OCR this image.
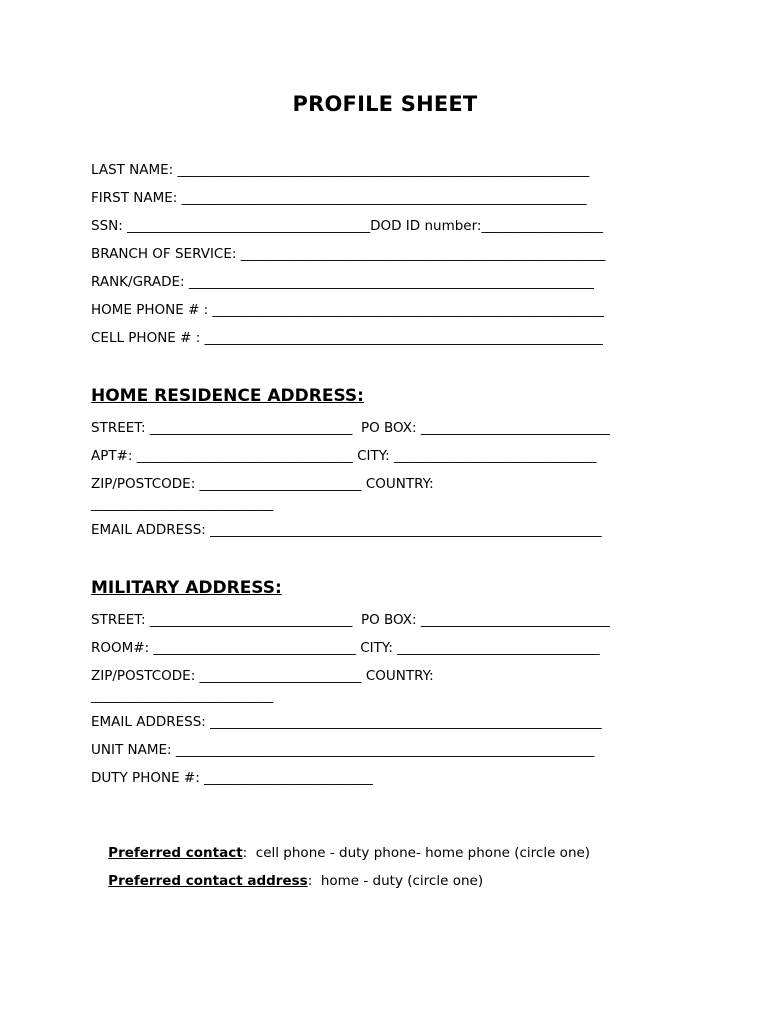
PROFILE SHEET
LAST NAME: _____________________________________________________________
FIRST NAME: ____________________________________________________________
SSN: ____________________________________DOD ID number:__________________
BRANCH OF SERVICE: ______________________________________________________
RANK/GRADE: ____________________________________________________________
HOME PHONE # : __________________________________________________________
CELL PHONE # : ___________________________________________________________
HOME RESIDENCE ADDRESS:
STREET: ______________________________  PO BOX: ____________________________
APT#: ________________________________ CITY: ______________________________
ZIP/POSTCODE: ________________________ COUNTRY:
___________________________
EMAIL ADDRESS: __________________________________________________________
MILITARY ADDRESS:
STREET: ______________________________  PO BOX: ____________________________
ROOM#: ______________________________ CITY: ______________________________
ZIP/POSTCODE: ________________________ COUNTRY:
___________________________
EMAIL ADDRESS: __________________________________________________________
UNIT NAME: ______________________________________________________________
DUTY PHONE #: _________________________

Preferred contact:  cell phone - duty phone- home phone (circle one)

Preferred contact address:  home - duty (circle one)
